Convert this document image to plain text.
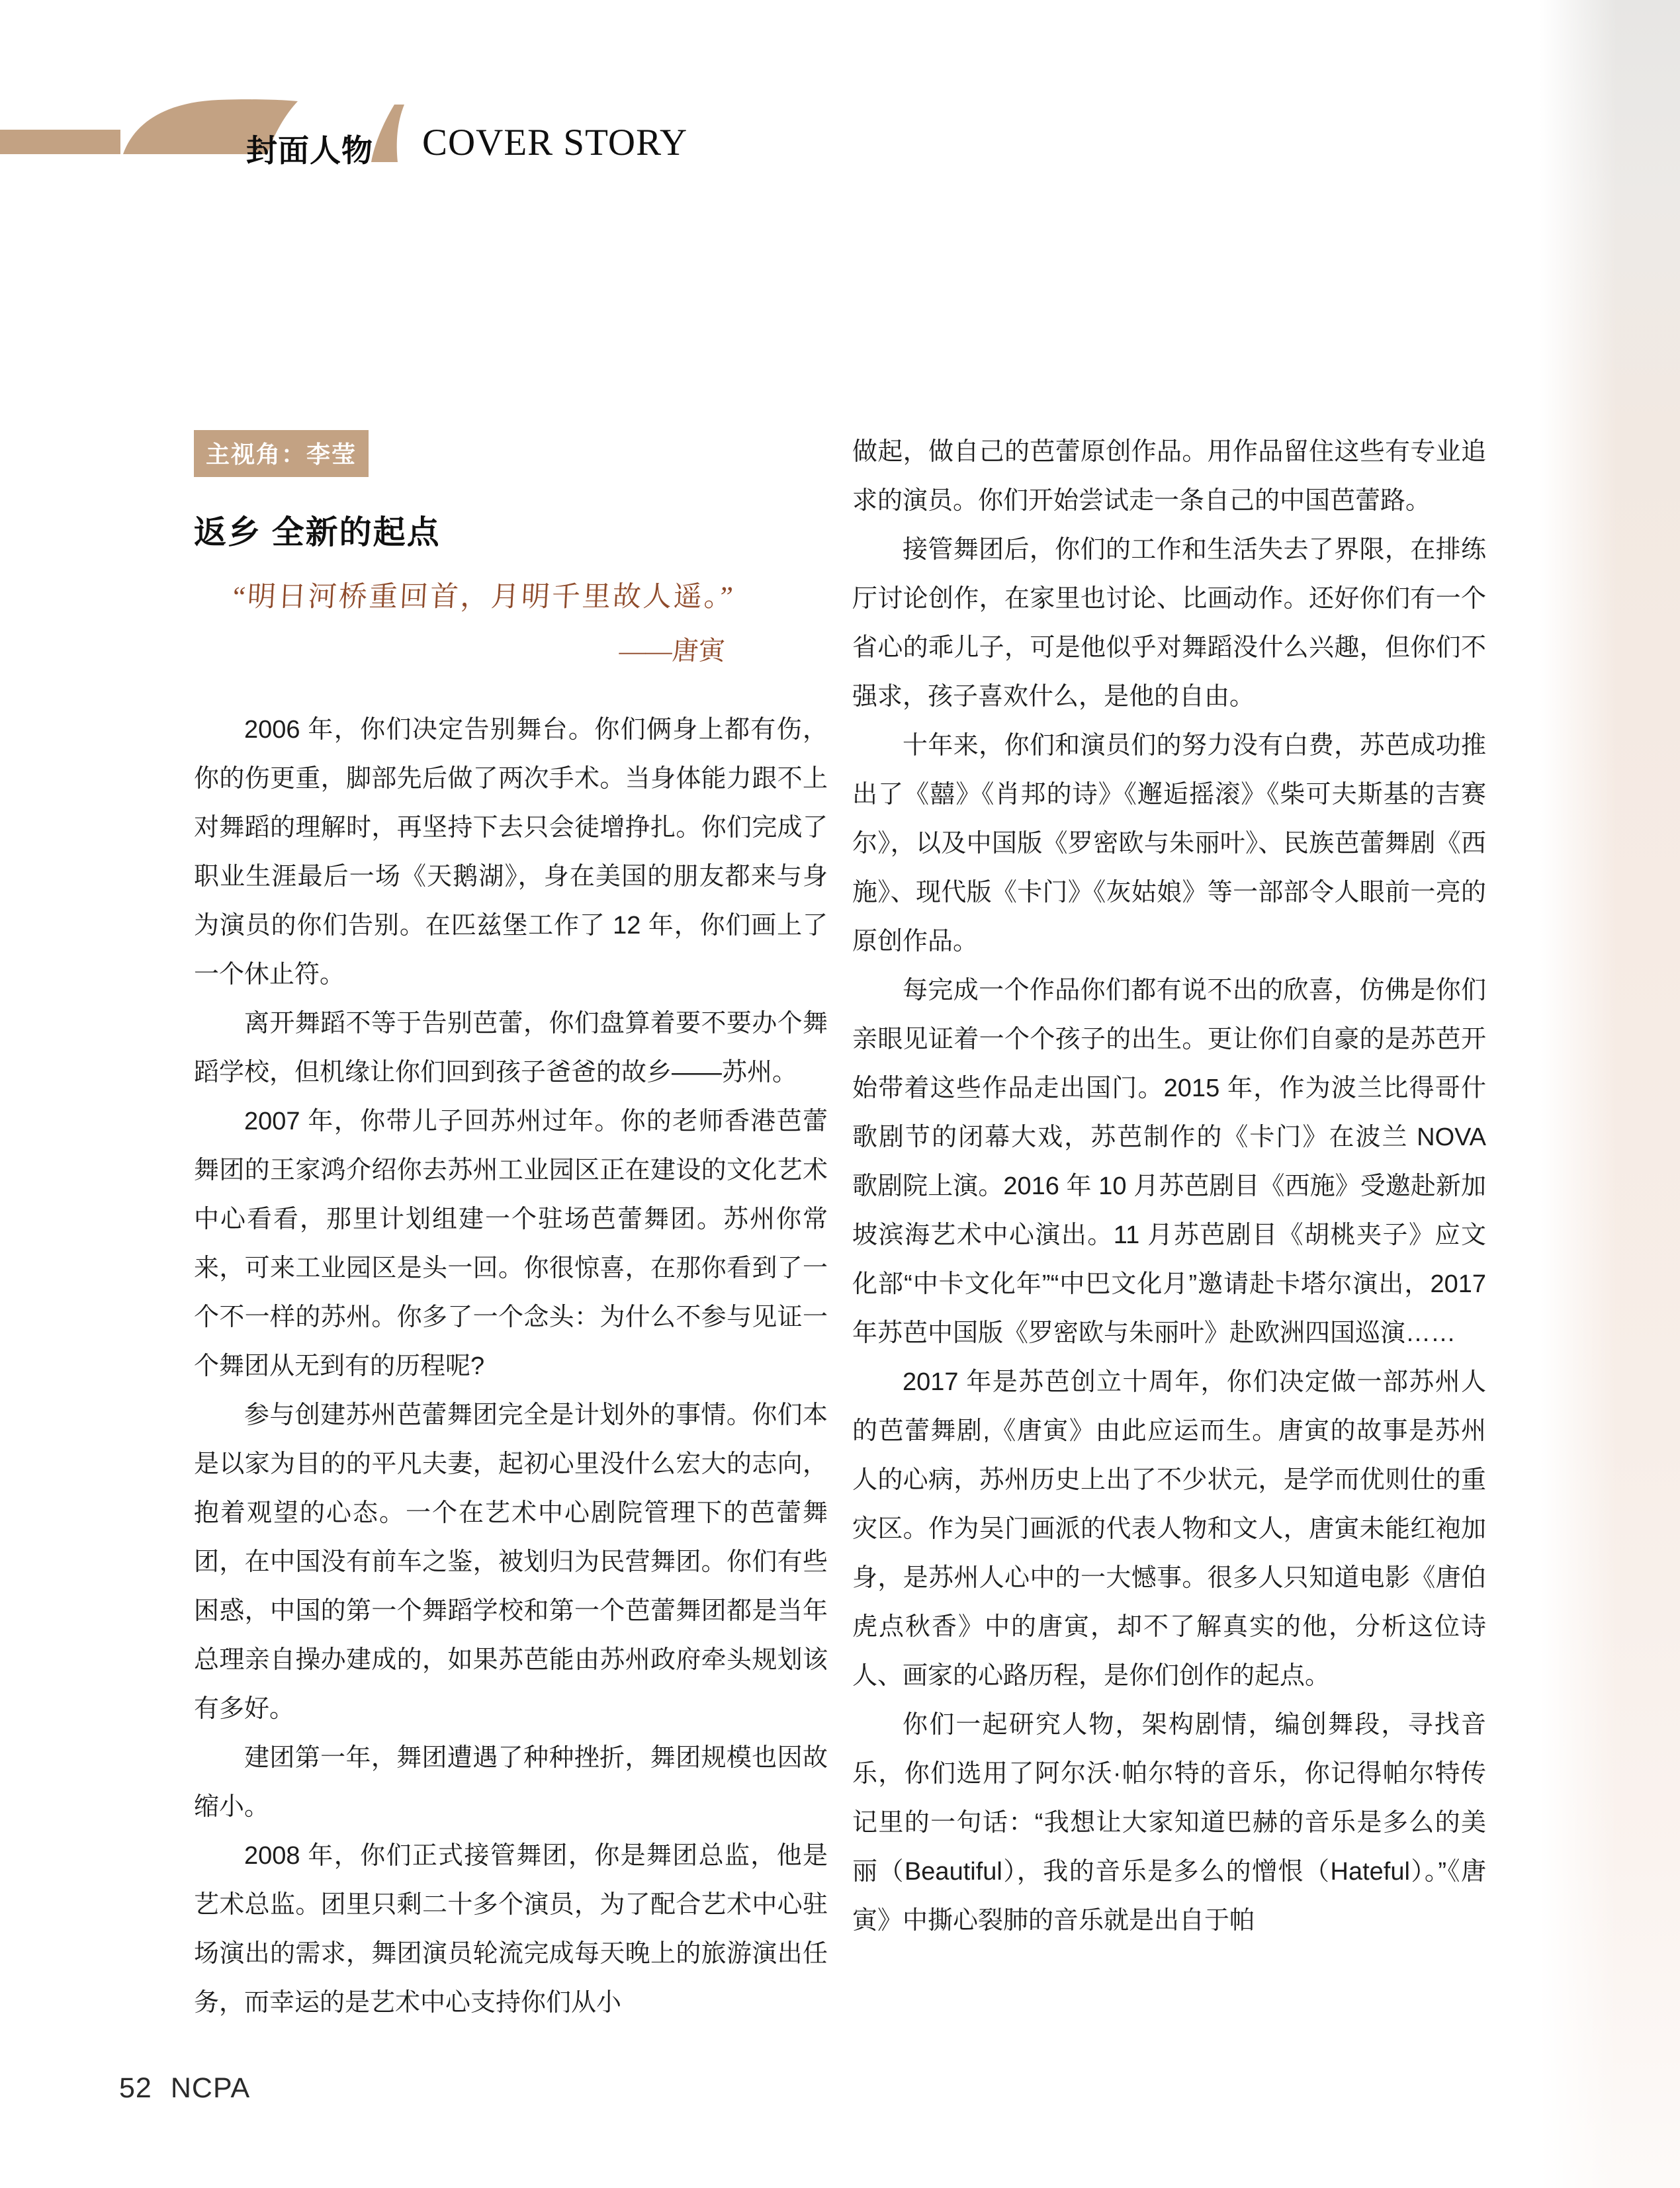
封面人物 COVER STORY
主视角：李莹
返乡 全新的起点
“明日河桥重回首，月明千里故人遥。”
——唐寅

2006 年，你们决定告别舞台。你们俩身上都有伤，你的伤更重，脚部先后做了两次手术。当身体能力跟不上对舞蹈的理解时，再坚持下去只会徒增挣扎。你们完成了职业生涯最后一场《天鹅湖》，身在美国的朋友都来与身为演员的你们告别。在匹兹堡工作了 12 年，你们画上了一个休止符。

离开舞蹈不等于告别芭蕾，你们盘算着要不要办个舞蹈学校，但机缘让你们回到孩子爸爸的故乡——苏州。

2007 年，你带儿子回苏州过年。你的老师香港芭蕾舞团的王家鸿介绍你去苏州工业园区正在建设的文化艺术中心看看，那里计划组建一个驻场芭蕾舞团。苏州你常来，可来工业园区是头一回。你很惊喜，在那你看到了一个不一样的苏州。你多了一个念头：为什么不参与见证一个舞团从无到有的历程呢?

参与创建苏州芭蕾舞团完全是计划外的事情。你们本是以家为目的的平凡夫妻，起初心里没什么宏大的志向，抱着观望的心态。一个在艺术中心剧院管理下的芭蕾舞团，在中国没有前车之鉴，被划归为民营舞团。你们有些困惑，中国的第一个舞蹈学校和第一个芭蕾舞团都是当年总理亲自操办建成的，如果苏芭能由苏州政府牵头规划该有多好。

建团第一年，舞团遭遇了种种挫折，舞团规模也因故缩小。

2008 年，你们正式接管舞团，你是舞团总监，他是艺术总监。团里只剩二十多个演员，为了配合艺术中心驻场演出的需求，舞团演员轮流完成每天晚上的旅游演出任务，而幸运的是艺术中心支持你们从小

做起，做自己的芭蕾原创作品。用作品留住这些有专业追求的演员。你们开始尝试走一条自己的中国芭蕾路。

接管舞团后，你们的工作和生活失去了界限，在排练厅讨论创作，在家里也讨论、比画动作。还好你们有一个省心的乖儿子，可是他似乎对舞蹈没什么兴趣，但你们不强求，孩子喜欢什么，是他的自由。

十年来，你们和演员们的努力没有白费，苏芭成功推出了《囍》《肖邦的诗》《邂逅摇滚》《柴可夫斯基的吉赛尔》，以及中国版《罗密欧与朱丽叶》、民族芭蕾舞剧《西施》、现代版《卡门》《灰姑娘》等一部部令人眼前一亮的原创作品。

每完成一个作品你们都有说不出的欣喜，仿佛是你们亲眼见证着一个个孩子的出生。更让你们自豪的是苏芭开始带着这些作品走出国门。2015 年，作为波兰比得哥什歌剧节的闭幕大戏，苏芭制作的《卡门》在波兰 NOVA 歌剧院上演。2016 年 10 月苏芭剧目《西施》受邀赴新加坡滨海艺术中心演出。11 月苏芭剧目《胡桃夹子》应文化部“中卡文化年”“中巴文化月”邀请赴卡塔尔演出，2017 年苏芭中国版《罗密欧与朱丽叶》赴欧洲四国巡演……

2017 年是苏芭创立十周年，你们决定做一部苏州人的芭蕾舞剧,《唐寅》由此应运而生。唐寅的故事是苏州人的心病，苏州历史上出了不少状元，是学而优则仕的重灾区。作为吴门画派的代表人物和文人，唐寅未能红袍加身，是苏州人心中的一大憾事。很多人只知道电影《唐伯虎点秋香》中的唐寅，却不了解真实的他，分析这位诗人、画家的心路历程，是你们创作的起点。

你们一起研究人物，架构剧情，编创舞段，寻找音乐，你们选用了阿尔沃·帕尔特的音乐，你记得帕尔特传记里的一句话：“我想让大家知道巴赫的音乐是多么的美丽（Beautiful），我的音乐是多么的憎恨（Hateful）。”《唐寅》中撕心裂肺的音乐就是出自于帕

52 NCPA
